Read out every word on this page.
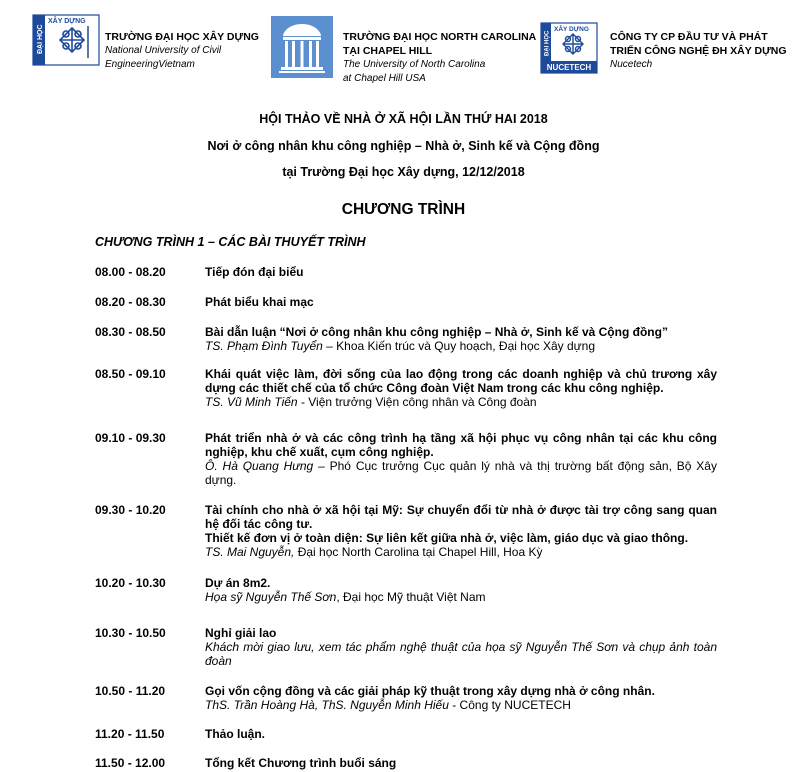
ĐẠI HỌC
XÂY DỰNG
TRƯỜNG ĐẠI HỌC XÂY DỰNG
National University of Civil
EngineeringVietnam
TRƯỜNG ĐẠI HỌC NORTH CAROLINA
TẠI CHAPEL HILL
The University of North Carolina
at Chapel Hill USA
ĐẠI HỌC
XÂY DỰNG
NUCETECH
CÔNG TY CP ĐẦU TƯ VÀ PHÁT
TRIỂN CÔNG NGHỆ ĐH XÂY DỰNG
Nucetech
HỘI THẢO VỀ NHÀ Ở XÃ HỘI LẦN THỨ HAI 2018
Nơi ở công nhân khu công nghiệp – Nhà ở, Sinh kế và Cộng đồng
tại Trường Đại học Xây dựng, 12/12/2018
CHƯƠNG TRÌNH
CHƯƠNG TRÌNH 1 – CÁC BÀI THUYẾT TRÌNH
08.00 - 08.20	Tiếp đón đại biểu
08.20 - 08.30	Phát biểu khai mạc
08.30 - 08.50	Bài dẫn luận “Nơi ở công nhân khu công nghiệp – Nhà ở, Sinh kế và Cộng đồng”
TS. Phạm Đình Tuyển – Khoa Kiến trúc và Quy hoạch, Đại học Xây dựng
08.50 - 09.10	Khái quát việc làm, đời sống của lao động trong các doanh nghiệp và chủ trương xây dựng các thiết chế của tổ chức Công đoàn Việt Nam trong các khu công nghiệp.
TS. Vũ Minh Tiến - Viện trưởng Viện công nhân và Công đoàn
09.10 - 09.30	Phát triển nhà ở và các công trình hạ tầng xã hội phục vụ công nhân tại các khu công nghiệp, khu chế xuất, cụm công nghiệp.
Ô. Hà Quang Hưng – Phó Cục trưởng Cục quản lý nhà và thị trường bất động sản, Bộ Xây dựng.
09.30 - 10.20	Tài chính cho nhà ở xã hội tại Mỹ: Sự chuyển đổi từ nhà ở được tài trợ công sang quan hệ đối tác công tư.
Thiết kế đơn vị ở toàn diện: Sự liên kết giữa nhà ở, việc làm, giáo dục và giao thông.
TS. Mai Nguyễn, Đại học North Carolina tại Chapel Hill, Hoa Kỳ
10.20 - 10.30	Dự án 8m2.
Họa sỹ Nguyễn Thế Sơn, Đại học Mỹ thuật Việt Nam
10.30 - 10.50	Nghỉ giải lao
Khách mời giao lưu, xem tác phẩm nghệ thuật của họa sỹ Nguyễn Thế Sơn và chụp ảnh toàn đoàn
10.50 - 11.20	Gọi vốn cộng đồng và các giải pháp kỹ thuật trong xây dựng nhà ở công nhân.
ThS. Trần Hoàng Hà, ThS. Nguyễn Minh Hiếu - Công ty NUCETECH
11.20 - 11.50	Thảo luận.
11.50 - 12.00	Tổng kết Chương trình buổi sáng
